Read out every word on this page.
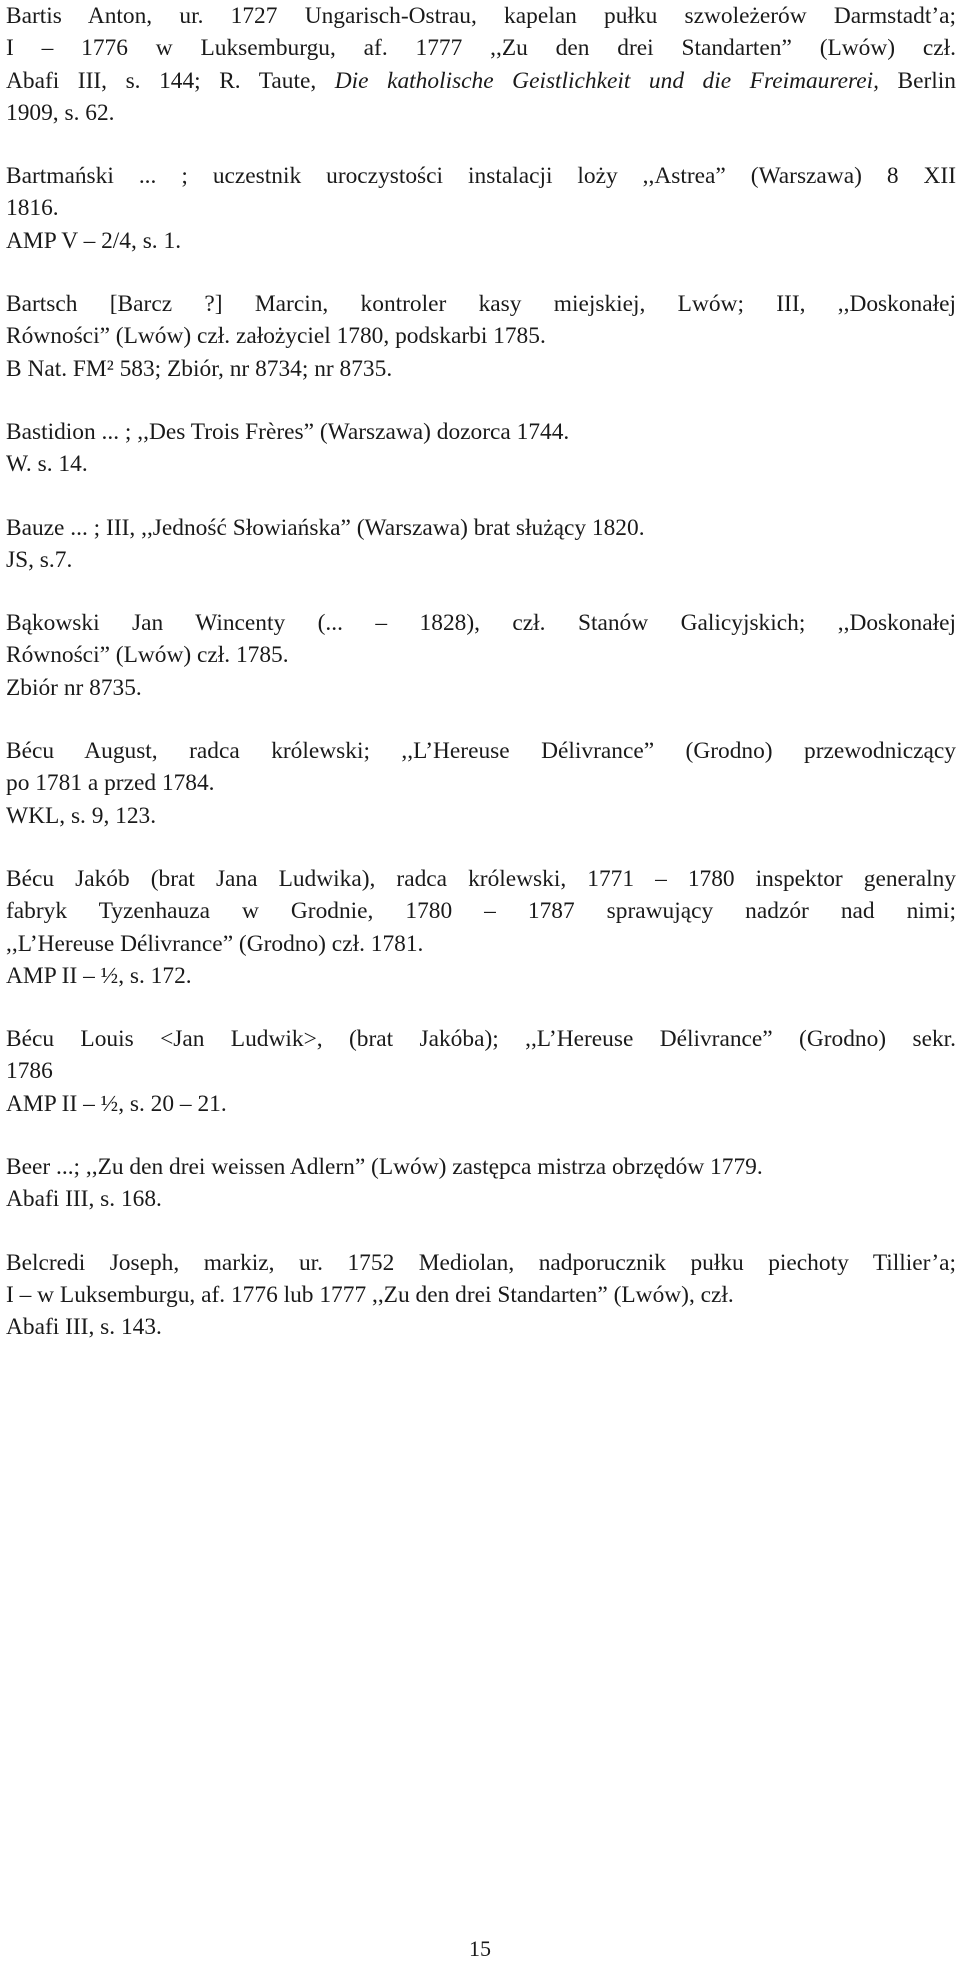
Bartis Anton, ur. 1727 Ungarisch-Ostrau, kapelan pułku szwoleżerów Darmstadt’a;
I – 1776 w Luksemburgu, af. 1777 ,,Zu den drei Standarten” (Lwów) czł.
Abafi III, s. 144; R. Taute, Die katholische Geistlichkeit und die Freimaurerei, Berlin
1909, s. 62.

Bartmański ... ; uczestnik uroczystości instalacji loży ,,Astrea” (Warszawa) 8 XII
1816.
AMP V – 2/4, s. 1.

Bartsch [Barcz ?] Marcin, kontroler kasy miejskiej, Lwów; III, ,,Doskonałej
Równości” (Lwów) czł. założyciel 1780, podskarbi 1785.
B Nat. FM² 583; Zbiór, nr 8734; nr 8735.

Bastidion ... ; ,,Des Trois Frères” (Warszawa) dozorca 1744.
W. s. 14.

Bauze ... ; III, ,,Jedność Słowiańska” (Warszawa) brat służący 1820.
JS, s.7.

Bąkowski Jan Wincenty (... – 1828), czł. Stanów Galicyjskich; ,,Doskonałej
Równości” (Lwów) czł. 1785.
Zbiór nr 8735.

Bécu August, radca królewski; ,,L’Hereuse Délivrance” (Grodno) przewodniczący
po 1781 a przed 1784.
WKL, s. 9, 123.

Bécu Jakób (brat Jana Ludwika), radca królewski, 1771 – 1780 inspektor generalny
fabryk Tyzenhauza w Grodnie, 1780 – 1787 sprawujący nadzór nad nimi;
,,L’Hereuse Délivrance” (Grodno) czł. 1781.
AMP II – ½, s. 172.

Bécu Louis <Jan Ludwik>, (brat Jakóba); ,,L’Hereuse Délivrance” (Grodno) sekr.
1786
AMP II – ½, s. 20 – 21.

Beer ...; ,,Zu den drei weissen Adlern” (Lwów) zastępca mistrza obrzędów 1779.
Abafi III, s. 168.

Belcredi Joseph, markiz, ur. 1752 Mediolan, nadporucznik pułku piechoty Tillier’a;
I – w Luksemburgu, af. 1776 lub 1777 ,,Zu den drei Standarten” (Lwów), czł.
Abafi III, s. 143.

15
